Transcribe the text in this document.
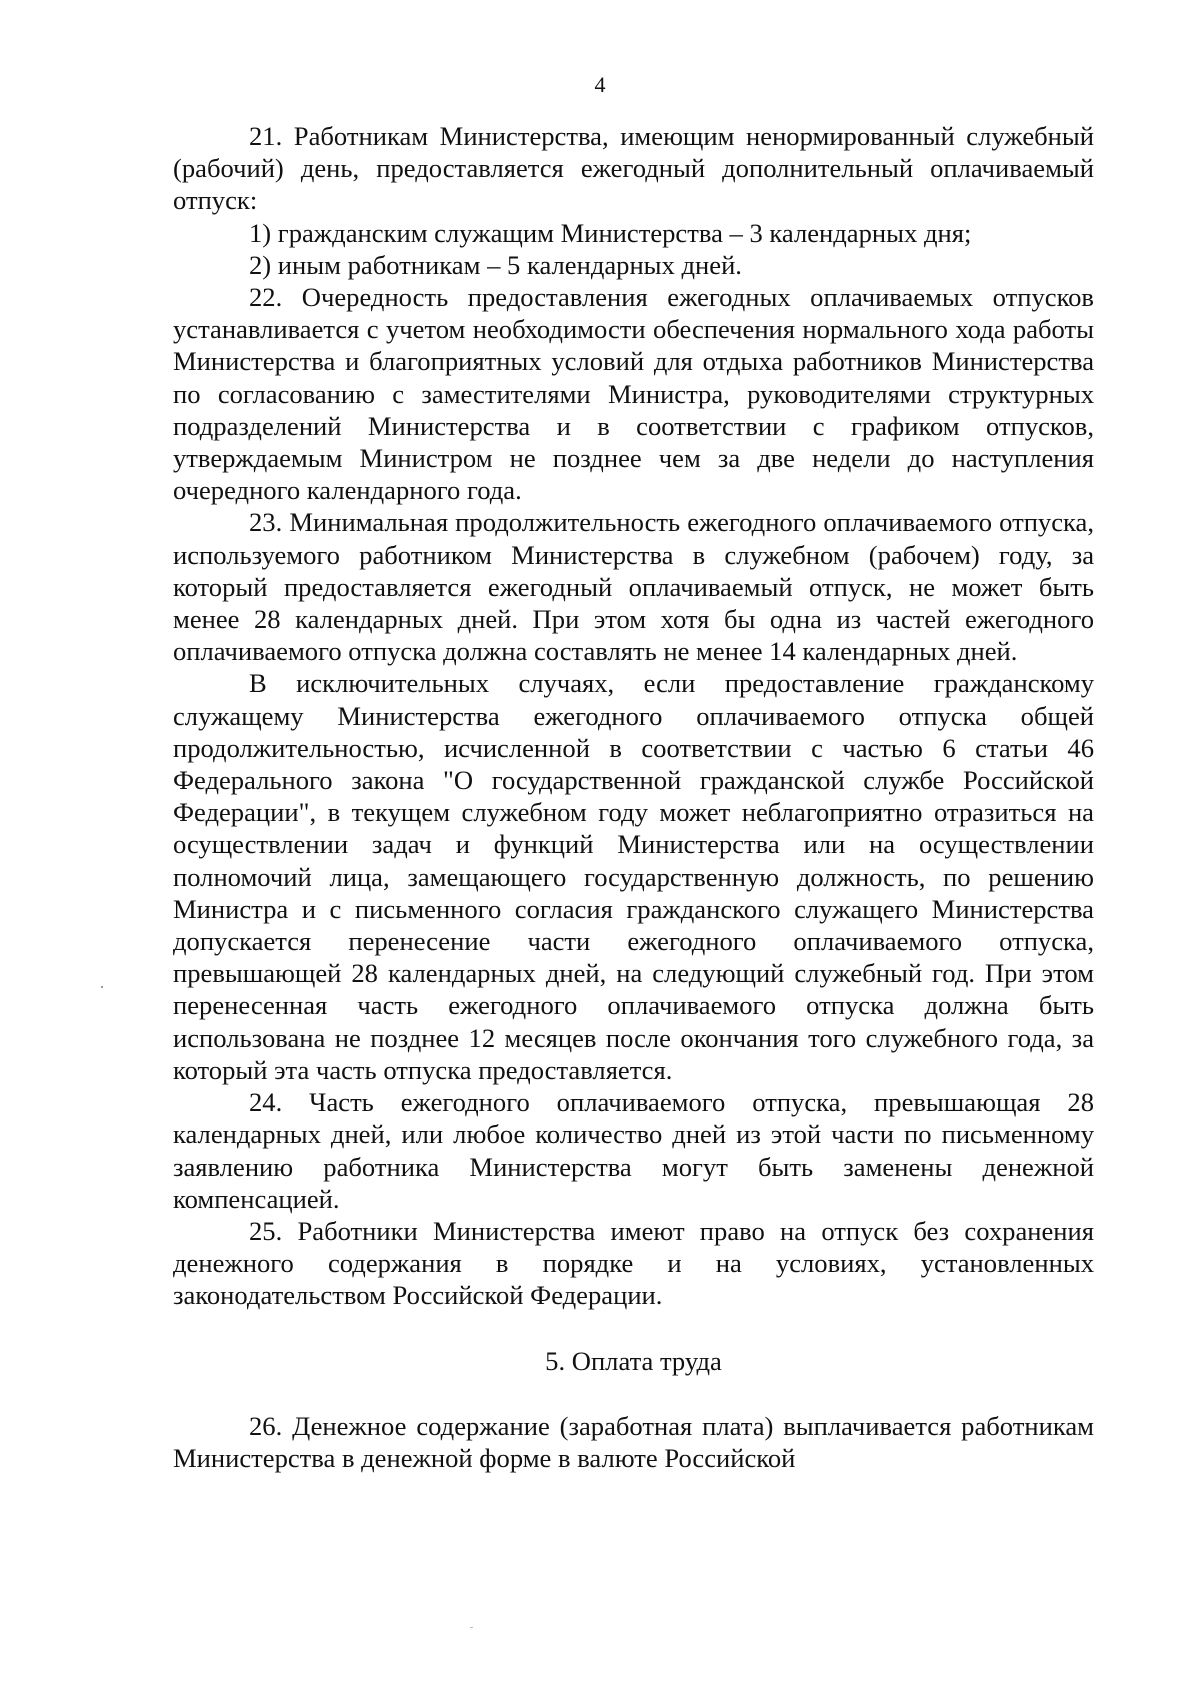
4

21. Работникам Министерства, имеющим ненормированный служебный (рабочий) день, предоставляется ежегодный дополнительный оплачиваемый отпуск:

1) гражданским служащим Министерства – 3 календарных дня;

2) иным работникам – 5 календарных дней.

22. Очередность предоставления ежегодных оплачиваемых отпусков устанавливается с учетом необходимости обеспечения нормального хода работы Министерства и благоприятных условий для отдыха работников Министерства по согласованию с заместителями Министра, руководителями структурных подразделений Министерства и в соответствии с графиком отпусков, утверждаемым Министром не позднее чем за две недели до наступления очередного календарного года.

23. Минимальная продолжительность ежегодного оплачиваемого отпуска, используемого работником Министерства в служебном (рабочем) году, за который предоставляется ежегодный оплачиваемый отпуск, не может быть менее 28 календарных дней. При этом хотя бы одна из частей ежегодного оплачиваемого отпуска должна составлять не менее 14 календарных дней.

В исключительных случаях, если предоставление гражданскому служащему Министерства ежегодного оплачиваемого отпуска общей продолжительностью, исчисленной в соответствии с частью 6 статьи 46 Федерального закона "О государственной гражданской службе Российской Федерации", в текущем служебном году может неблагоприятно отразиться на осуществлении задач и функций Министерства или на осуществлении полномочий лица, замещающего государственную должность, по решению Министра и с письменного согласия гражданского служащего Министерства допускается перенесение части ежегодного оплачиваемого отпуска, превышающей 28 календарных дней, на следующий служебный год. При этом перенесенная часть ежегодного оплачиваемого отпуска должна быть использована не позднее 12 месяцев после окончания того служебного года, за который эта часть отпуска предоставляется.

24. Часть ежегодного оплачиваемого отпуска, превышающая 28 календарных дней, или любое количество дней из этой части по письменному заявлению работника Министерства могут быть заменены денежной компенсацией.

25. Работники Министерства имеют право на отпуск без сохранения денежного содержания в порядке и на условиях, установленных законодательством Российской Федерации.

5. Оплата труда

26. Денежное содержание (заработная плата) выплачивается работникам Министерства в денежной форме в валюте Российской
